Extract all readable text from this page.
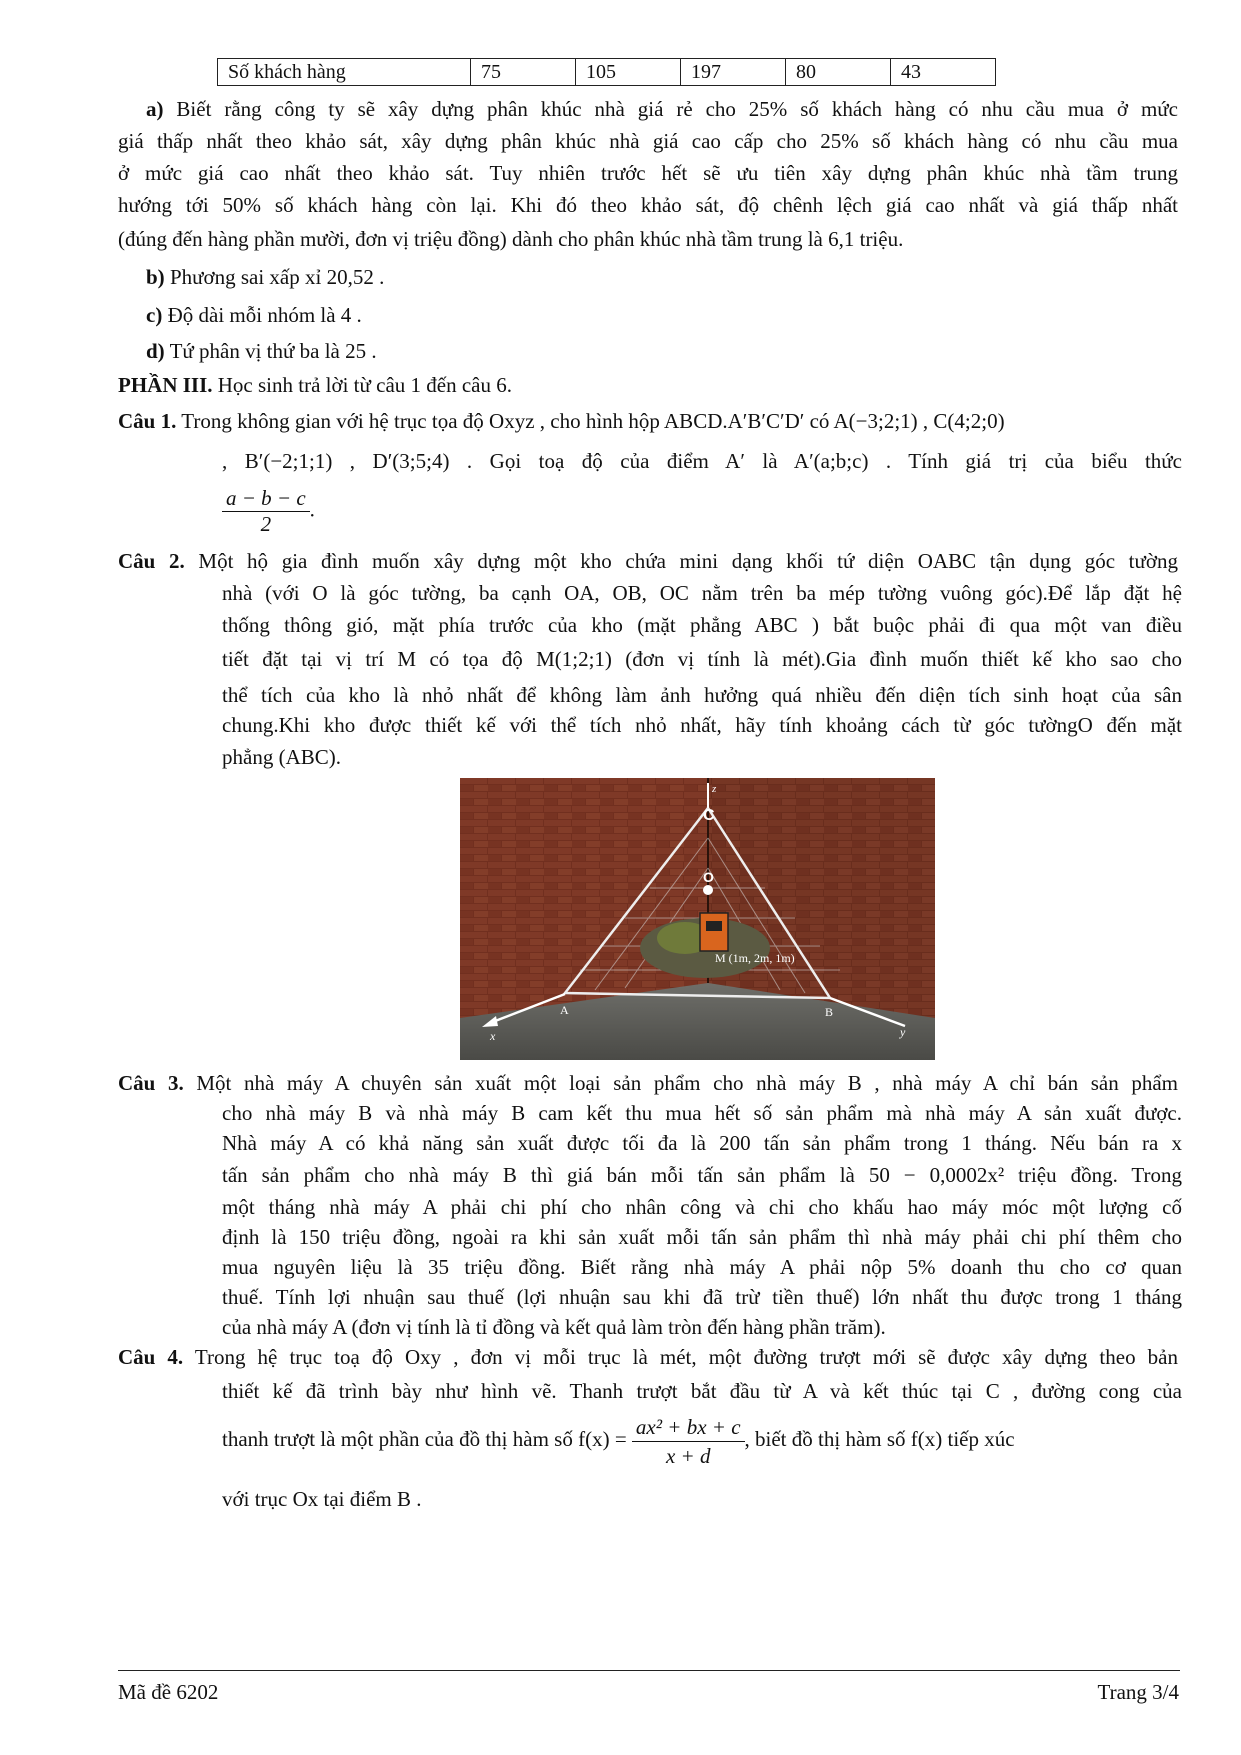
Số khách hàng	75	105	197	80	43
a) Biết rằng công ty sẽ xây dựng phân khúc nhà giá rẻ cho 25% số khách hàng có nhu cầu mua ở mức
giá thấp nhất theo khảo sát, xây dựng phân khúc nhà giá cao cấp cho 25% số khách hàng có nhu cầu mua
ở mức giá cao nhất theo khảo sát. Tuy nhiên trước hết sẽ ưu tiên xây dựng phân khúc nhà tầm trung
hướng tới 50% số khách hàng còn lại. Khi đó theo khảo sát, độ chênh lệch giá cao nhất và giá thấp nhất
(đúng đến hàng phần mười, đơn vị triệu đồng) dành cho phân khúc nhà tầm trung là 6,1 triệu.
b) Phương sai xấp xỉ 20,52 .
c) Độ dài mỗi nhóm là 4 .
d) Tứ phân vị thứ ba là 25 .
PHẦN III. Học sinh trả lời từ câu 1 đến câu 6.
Câu 1. Trong không gian với hệ trục tọa độ Oxyz , cho hình hộp ABCD.A′B′C′D′ có A(−3;2;1) , C(4;2;0)
, B′(−2;1;1) , D′(3;5;4) . Gọi toạ độ của điểm A′ là A′(a;b;c) . Tính giá trị của biểu thức
$\frac{a - b - c}{2}$ .
Câu 2. Một hộ gia đình muốn xây dựng một kho chứa mini dạng khối tứ diện OABC tận dụng góc tường
nhà (với O là góc tường, ba cạnh OA, OB, OC nằm trên ba mép tường vuông góc).Để lắp đặt hệ
thống thông gió, mặt phía trước của kho (mặt phẳng ABC ) bắt buộc phải đi qua một van điều
tiết đặt tại vị trí M có tọa độ M(1;2;1) (đơn vị tính là mét).Gia đình muốn thiết kế kho sao cho
thể tích của kho là nhỏ nhất để không làm ảnh hưởng quá nhiều đến diện tích sinh hoạt của sân
chung.Khi kho được thiết kế với thể tích nhỏ nhất, hãy tính khoảng cách từ góc tườngO đến mặt
phẳng (ABC).
z
C
O
M (1m, 2m, 1m)
A	B
x	y
Câu 3. Một nhà máy A chuyên sản xuất một loại sản phẩm cho nhà máy B , nhà máy A chỉ bán sản phẩm
cho nhà máy B và nhà máy B cam kết thu mua hết số sản phẩm mà nhà máy A sản xuất được.
Nhà máy A có khả năng sản xuất được tối đa là 200 tấn sản phẩm trong 1 tháng. Nếu bán ra x
tấn sản phẩm cho nhà máy B thì giá bán mỗi tấn sản phẩm là 50 − 0,0002x² triệu đồng. Trong
một tháng nhà máy A phải chi phí cho nhân công và chi cho khấu hao máy móc một lượng cố
định là 150 triệu đồng, ngoài ra khi sản xuất mỗi tấn sản phẩm thì nhà máy phải chi phí thêm cho
mua nguyên liệu là 35 triệu đồng. Biết rằng nhà máy A phải nộp 5% doanh thu cho cơ quan
thuế. Tính lợi nhuận sau thuế (lợi nhuận sau khi đã trừ tiền thuế) lớn nhất thu được trong 1 tháng
của nhà máy A (đơn vị tính là tỉ đồng và kết quả làm tròn đến hàng phần trăm).
Câu 4. Trong hệ trục toạ độ Oxy , đơn vị mỗi trục là mét, một đường trượt mới sẽ được xây dựng theo bản
thiết kế đã trình bày như hình vẽ. Thanh trượt bắt đầu từ A và kết thúc tại C , đường cong của
thanh trượt là một phần của đồ thị hàm số $f(x) = \frac{\text{ax² + bx + c}}{x + d}$ , biết đồ thị hàm số f(x) tiếp xúc
với trục Ox tại điểm B .
Mã đề 6202	Trang 3/4
